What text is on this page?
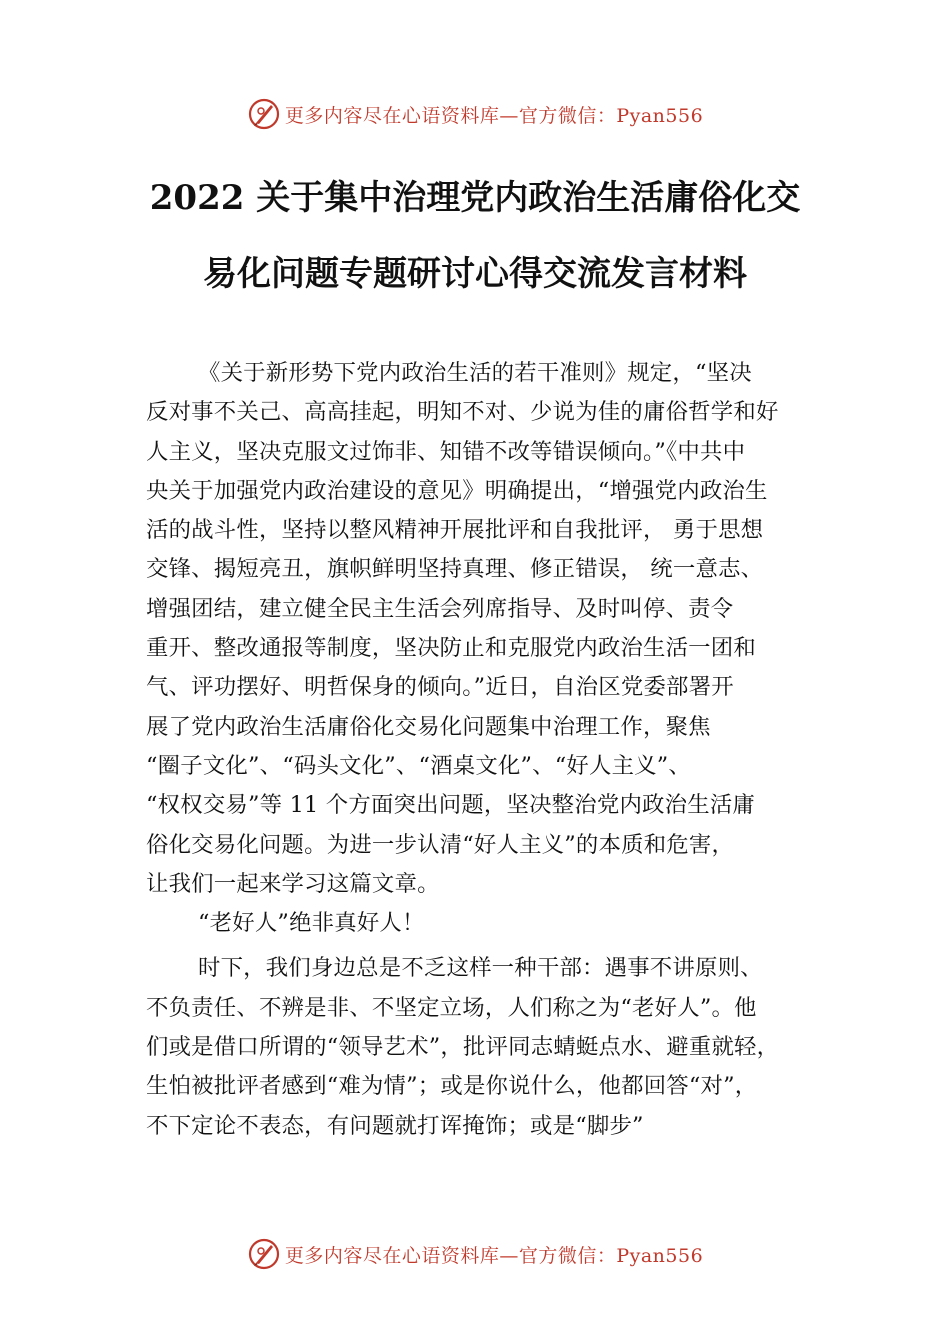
更多内容尽在心语资料库—官方微信：Pyan556
2022 关于集中治理党内政治生活庸俗化交
易化问题专题研讨心得交流发言材料
《关于新形势下党内政治生活的若干准则》规定，“坚决
反对事不关己、高高挂起，明知不对、少说为佳的庸俗哲学和好
人主义，坚决克服文过饰非、知错不改等错误倾向。”《中共中
央关于加强党内政治建设的意见》明确提出，“增强党内政治生
活的战斗性，坚持以整风精神开展批评和自我批评， 勇于思想
交锋、揭短亮丑，旗帜鲜明坚持真理、修正错误， 统一意志、
增强团结，建立健全民主生活会列席指导、及时叫停、责令
重开、整改通报等制度，坚决防止和克服党内政治生活一团和
气、评功摆好、明哲保身的倾向。”近日，自治区党委部署开
展了党内政治生活庸俗化交易化问题集中治理工作，聚焦
“圈子文化”、“码头文化”、“酒桌文化”、“好人主义”、
“权权交易”等 11 个方面突出问题，坚决整治党内政治生活庸
俗化交易化问题。为进一步认清“好人主义”的本质和危害，
让我们一起来学习这篇文章。
“老好人”绝非真好人！
时下，我们身边总是不乏这样一种干部：遇事不讲原则、
不负责任、不辨是非、不坚定立场，人们称之为“老好人”。他
们或是借口所谓的“领导艺术”，批评同志蜻蜓点水、避重就轻，
生怕被批评者感到“难为情”；或是你说什么，他都回答“对”，
不下定论不表态，有问题就打诨掩饰；或是“脚步”
更多内容尽在心语资料库—官方微信：Pyan556
